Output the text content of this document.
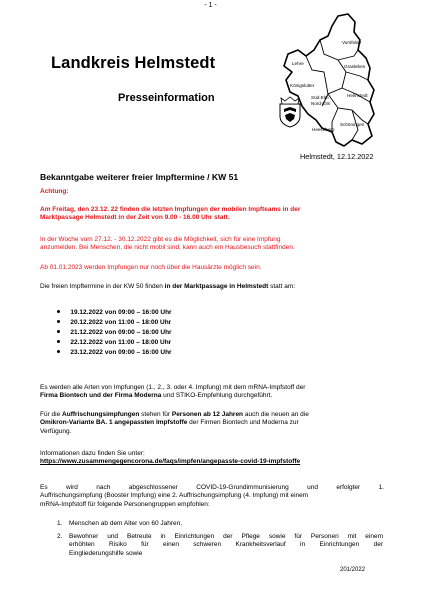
- 1 -
Landkreis Helmstedt
Presseinformation
Vorsfelde
Lehre
Grasleben
Königslutter
Helmstedt
Süd-Elm
Nord-Elm
Schöningen
Heeseberg
Helmstedt, 12.12.2022
Bekanntgabe weiterer freier Impftermine / KW 51
Achtung:
Am Freitag, den 23.12. 22 finden die letzten Impfungen der mobilen Impfteams in der
Marktpassage Helmstedt in der Zeit von 9.00 - 16.00 Uhr statt.
In der Woche vom 27.12. - 30.12.2022 gibt es die Möglichkeit, sich für eine Impfung
anzumelden. Bei Menschen, die nicht mobil sind, kann auch ein Hausbesuch stattfinden.
Ab 01.01.2023 werden Impfungen nur noch über die Hausärzte möglich sein.
Die freien Impftermine in der KW 50 finden in der Marktpassage in Helmstedt statt am:
19.12.2022 von 09:00 – 16:00 Uhr
20.12.2022 von 11:00 – 18:00 Uhr
21.12.2022 von 09:00 – 16:00 Uhr
22.12.2022 von 11:00 – 18:00 Uhr
23.12.2022 von 09:00 – 16:00 Uhr
Es werden alle Arten von Impfungen (1., 2., 3. oder 4. Impfung) mit dem mRNA-Impfstoff der
Firma Biontech und der Firma Moderna und STIKO-Empfehlung durchgeführt.
Für die Auffrischungsimpfungen stehen für Personen ab 12 Jahren auch die neuen an die
Omikron-Variante BA. 1 angepassten Impfstoffe der Firmen Biontech und Moderna zur
Verfügung.
Informationen dazu finden Sie unter:
https://www.zusammengegencorona.de/faqs/impfen/angepasste-covid-19-impfstoffe
Es wird nach abgeschlossener COVID-19-Grundimmunisierung und erfolgter 1.
Auffrischungsimpfung (Booster Impfung) eine 2. Auffrischungsimpfung (4. Impfung) mit einem
mRNA-Impfstoff für folgende Personengruppen empfohlen:
1. Menschen ab dem Alter von 60 Jahren,
2. Bewohner und Betreute in Einrichtungen der Pflege sowie für Personen mit einem
erhöhten Risiko für einen schweren Krankheitsverlauf in Einrichtungen der
Eingliederungshilfe sowie
201/2022
